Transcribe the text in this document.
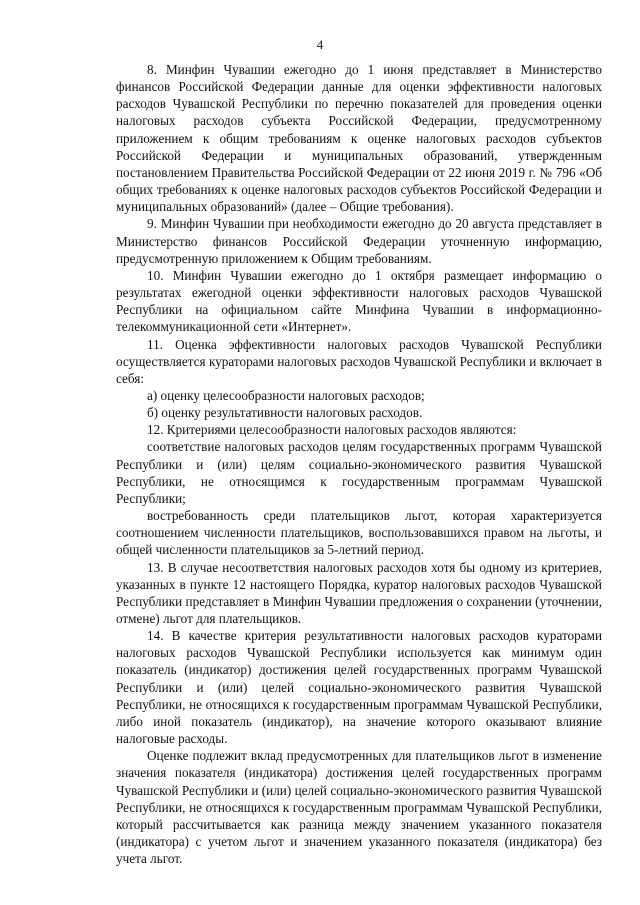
4

8. Минфин Чувашии ежегодно до 1 июня представляет в Министерство финансов Российской Федерации данные для оценки эффективности налоговых расходов Чувашской Республики по перечню показателей для проведения оценки налоговых расходов субъекта Российской Федерации, предусмотренному приложением к общим требованиям к оценке налоговых расходов субъектов Российской Федерации и муниципальных образований, утвержденным постановлением Правительства Российской Федерации от 22 июня 2019 г. № 796 «Об общих требованиях к оценке налоговых расходов субъектов Российской Федерации и муниципальных образований» (далее – Общие требования).

9. Минфин Чувашии при необходимости ежегодно до 20 августа представляет в Министерство финансов Российской Федерации уточненную информацию, предусмотренную приложением к Общим требованиям.

10. Минфин Чувашии ежегодно до 1 октября размещает информацию о результатах ежегодной оценки эффективности налоговых расходов Чувашской Республики на официальном сайте Минфина Чувашии в информационно-телекоммуникационной сети «Интернет».

11. Оценка эффективности налоговых расходов Чувашской Республики осуществляется кураторами налоговых расходов Чувашской Республики и включает в себя:

а) оценку целесообразности налоговых расходов;

б) оценку результативности налоговых расходов.

12. Критериями целесообразности налоговых расходов являются:

соответствие налоговых расходов целям государственных программ Чувашской Республики и (или) целям социально-экономического развития Чувашской Республики, не относящимся к государственным программам Чувашской Республики;

востребованность среди плательщиков льгот, которая характеризуется соотношением численности плательщиков, воспользовавшихся правом на льготы, и общей численности плательщиков за 5-летний период.

13. В случае несоответствия налоговых расходов хотя бы одному из критериев, указанных в пункте 12 настоящего Порядка, куратор налоговых расходов Чувашской Республики представляет в Минфин Чувашии предложения о сохранении (уточнении, отмене) льгот для плательщиков.

14. В качестве критерия результативности налоговых расходов кураторами налоговых расходов Чувашской Республики используется как минимум один показатель (индикатор) достижения целей государственных программ Чувашской Республики и (или) целей социально-экономического развития Чувашской Республики, не относящихся к государственным программам Чувашской Республики, либо иной показатель (индикатор), на значение которого оказывают влияние налоговые расходы.

Оценке подлежит вклад предусмотренных для плательщиков льгот в изменение значения показателя (индикатора) достижения целей государственных программ Чувашской Республики и (или) целей социально-экономического развития Чувашской Республики, не относящихся к государственным программам Чувашской Республики, который рассчитывается как разница между значением указанного показателя (индикатора) с учетом льгот и значением указанного показателя (индикатора) без учета льгот.
